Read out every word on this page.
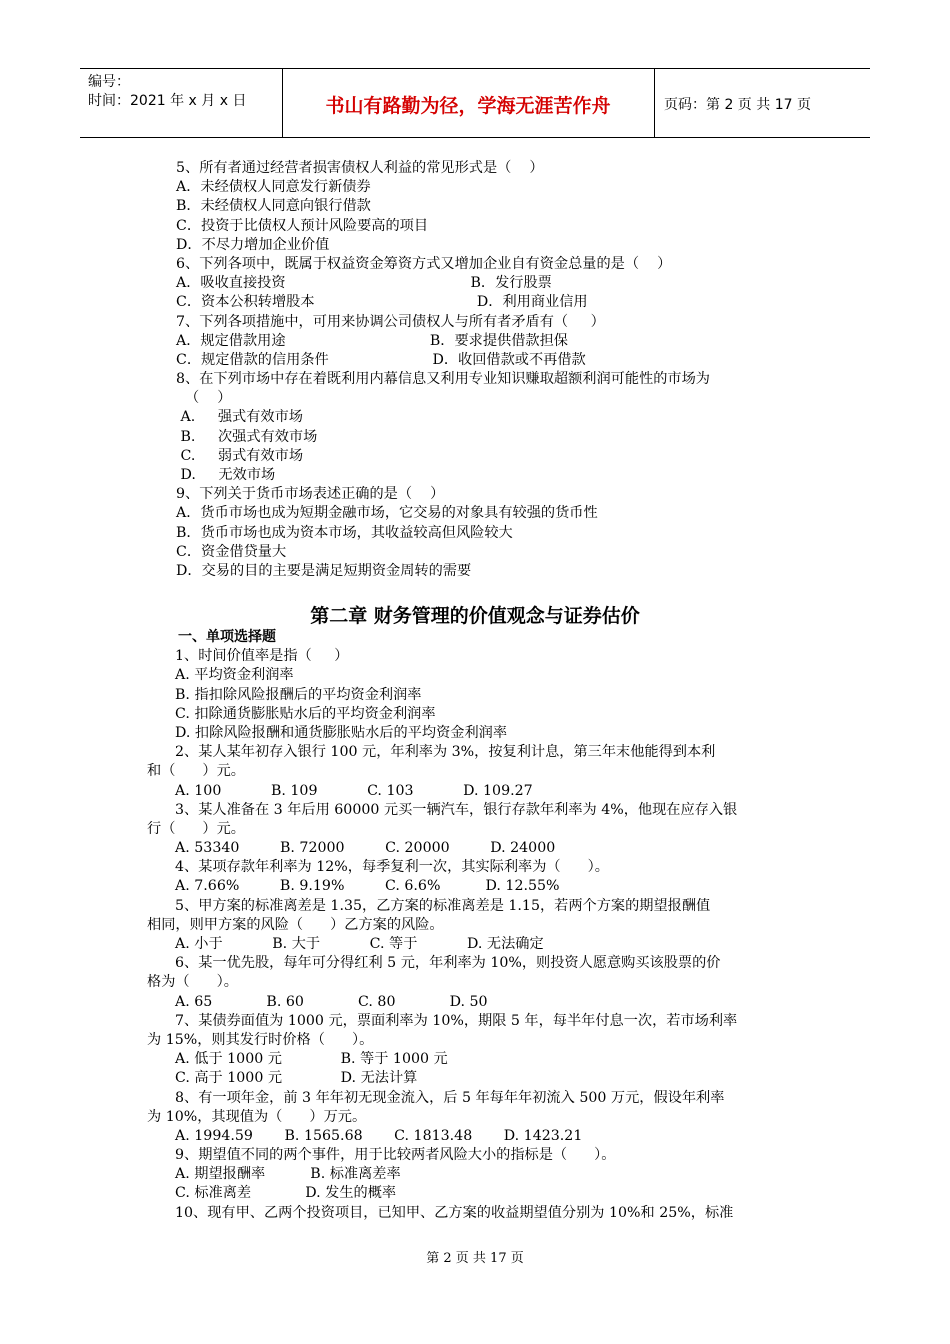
编号：
时间：2021 年 x 月 x 日	书山有路勤为径，学海无涯苦作舟	页码：第 2 页 共 17 页
5、所有者通过经营者损害债权人利益的常见形式是（    ）
A．未经债权人同意发行新债券
B．未经债权人同意向银行借款
C．投资于比债权人预计风险要高的项目
D．不尽力增加企业价值
6、下列各项中，既属于权益资金筹资方式又增加企业自有资金总量的是（    ）
A．吸收直接投资                                         B．发行股票
C．资本公积转增股本                                    D．利用商业信用
7、下列各项措施中，可用来协调公司债权人与所有者矛盾有（     ）
A．规定借款用途                                B．要求提供借款担保
C．规定借款的信用条件                       D．收回借款或不再借款
8、在下列市场中存在着既利用内幕信息又利用专业知识赚取超额利润可能性的市场为
（    ）
A.     强式有效市场
B.     次强式有效市场
C.     弱式有效市场
D.     无效市场
9、下列关于货币市场表述正确的是（    ）
A．货币市场也成为短期金融市场，它交易的对象具有较强的货币性
B．货币市场也成为资本市场，其收益较高但风险较大
C．资金借贷量大
D．交易的目的主要是满足短期资金周转的需要
第二章 财务管理的价值观念与证券估价
一、单项选择题
1、时间价值率是指（     ）
A. 平均资金利润率
B. 指扣除风险报酬后的平均资金利润率
C. 扣除通货膨胀贴水后的平均资金利润率
D. 扣除风险报酬和通货膨胀贴水后的平均资金利润率
2、某人某年初存入银行 100 元，年利率为 3%，按复利计息，第三年末他能得到本利
和（      ）元。
A. 100           B. 109           C. 103           D. 109.27
3、某人准备在 3 年后用 60000 元买一辆汽车，银行存款年利率为 4%，他现在应存入银
行（      ）元。
A. 53340         B. 72000         C. 20000         D. 24000
4、某项存款年利率为 12%，每季复利一次，其实际利率为（      ）。
A. 7.66%         B. 9.19%         C. 6.6%          D. 12.55%
5、甲方案的标准离差是 1.35，乙方案的标准离差是 1.15，若两个方案的期望报酬值
相同，则甲方案的风险（      ）乙方案的风险。
A. 小于           B. 大于           C. 等于           D. 无法确定
6、某一优先股，每年可分得红利 5 元，年利率为 10%，则投资人愿意购买该股票的价
格为（      ）。
A. 65            B. 60            C. 80            D. 50
7、某债券面值为 1000 元，票面利率为 10%，期限 5 年，每半年付息一次，若市场利率
为 15%，则其发行时价格（      ）。
A. 低于 1000 元             B. 等于 1000 元
C. 高于 1000 元             D. 无法计算
8、有一项年金，前 3 年年初无现金流入，后 5 年每年年初流入 500 万元，假设年利率
为 10%，其现值为（      ）万元。
A. 1994.59       B. 1565.68       C. 1813.48       D. 1423.21
9、期望值不同的两个事件，用于比较两者风险大小的指标是（      ）。
A. 期望报酬率          B. 标准离差率
C. 标准离差            D. 发生的概率
10、现有甲、乙两个投资项目，已知甲、乙方案的收益期望值分别为 10%和 25%，标准
第 2 页 共 17 页
